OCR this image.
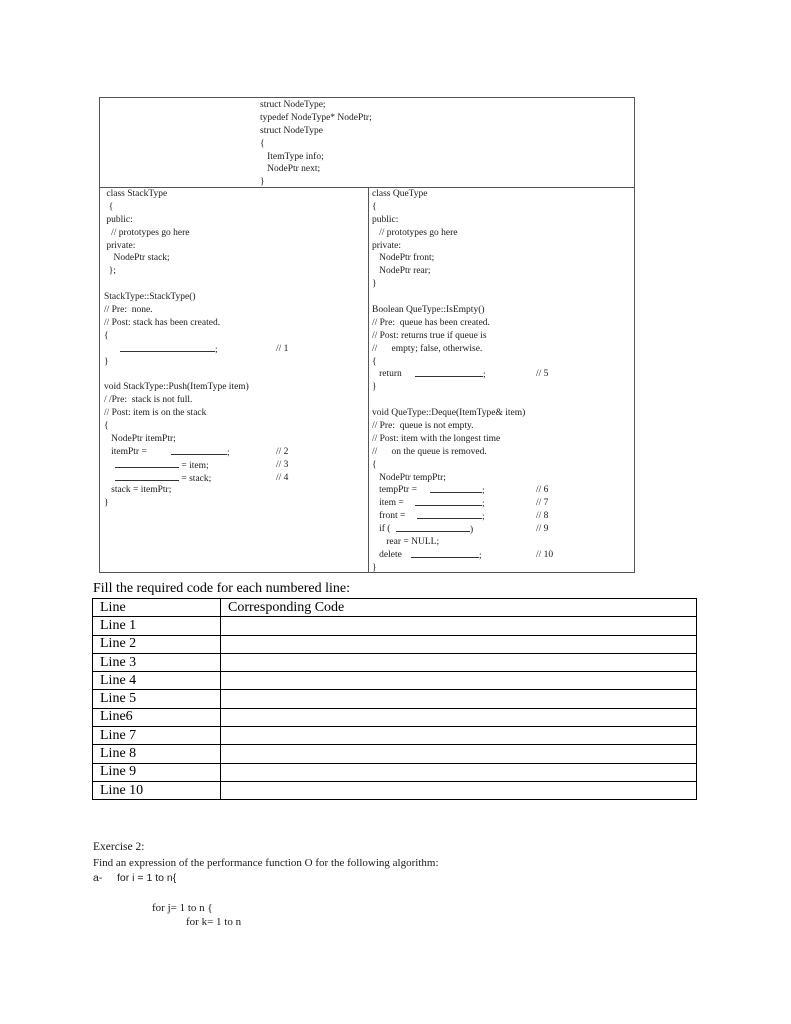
struct NodeType;
typedef NodeType* NodePtr;
struct NodeType
{
ItemType info;
NodePtr next;
}
class StackType
{
public:
// prototypes go here
private:
NodePtr stack;
};
StackType::StackType()
// Pre:  none.
// Post: stack has been created.
{
}
void StackType::Push(ItemType item)
/ /Pre:  stack is not full.
// Post: item is on the stack
{
NodePtr itemPtr;
itemPtr =
stack = itemPtr;
}
class QueType
{
public:
// prototypes go here
private:
NodePtr front;
NodePtr rear;
}
Boolean QueType::IsEmpty()
// Pre:  queue has been created.
// Post: returns true if queue is
//      empty; false, otherwise.
{
return
}
void QueType::Deque(ItemType& item)
// Pre:  queue is not empty.
// Post: item with the longest time
//      on the queue is removed.
{
NodePtr tempPtr;
tempPtr =
item =
front =
if (
rear = NULL;
delete
}
;
;
= item;
= stack;
// 1
// 2
// 3
// 4
;
;
;
;
)
;
// 5
// 6
// 7
// 8
// 9
// 10
Fill the required code for each numbered line:
Line	Corresponding Code
Line 1	
Line 2	
Line 3	
Line 4	
Line 5	
Line6	
Line 7	
Line 8	
Line 9	
Line 10	
Exercise 2:
Find an expression of the performance function O for the following algorithm:
a- for i = 1 to n{
for j= 1 to n {
for k= 1 to n
